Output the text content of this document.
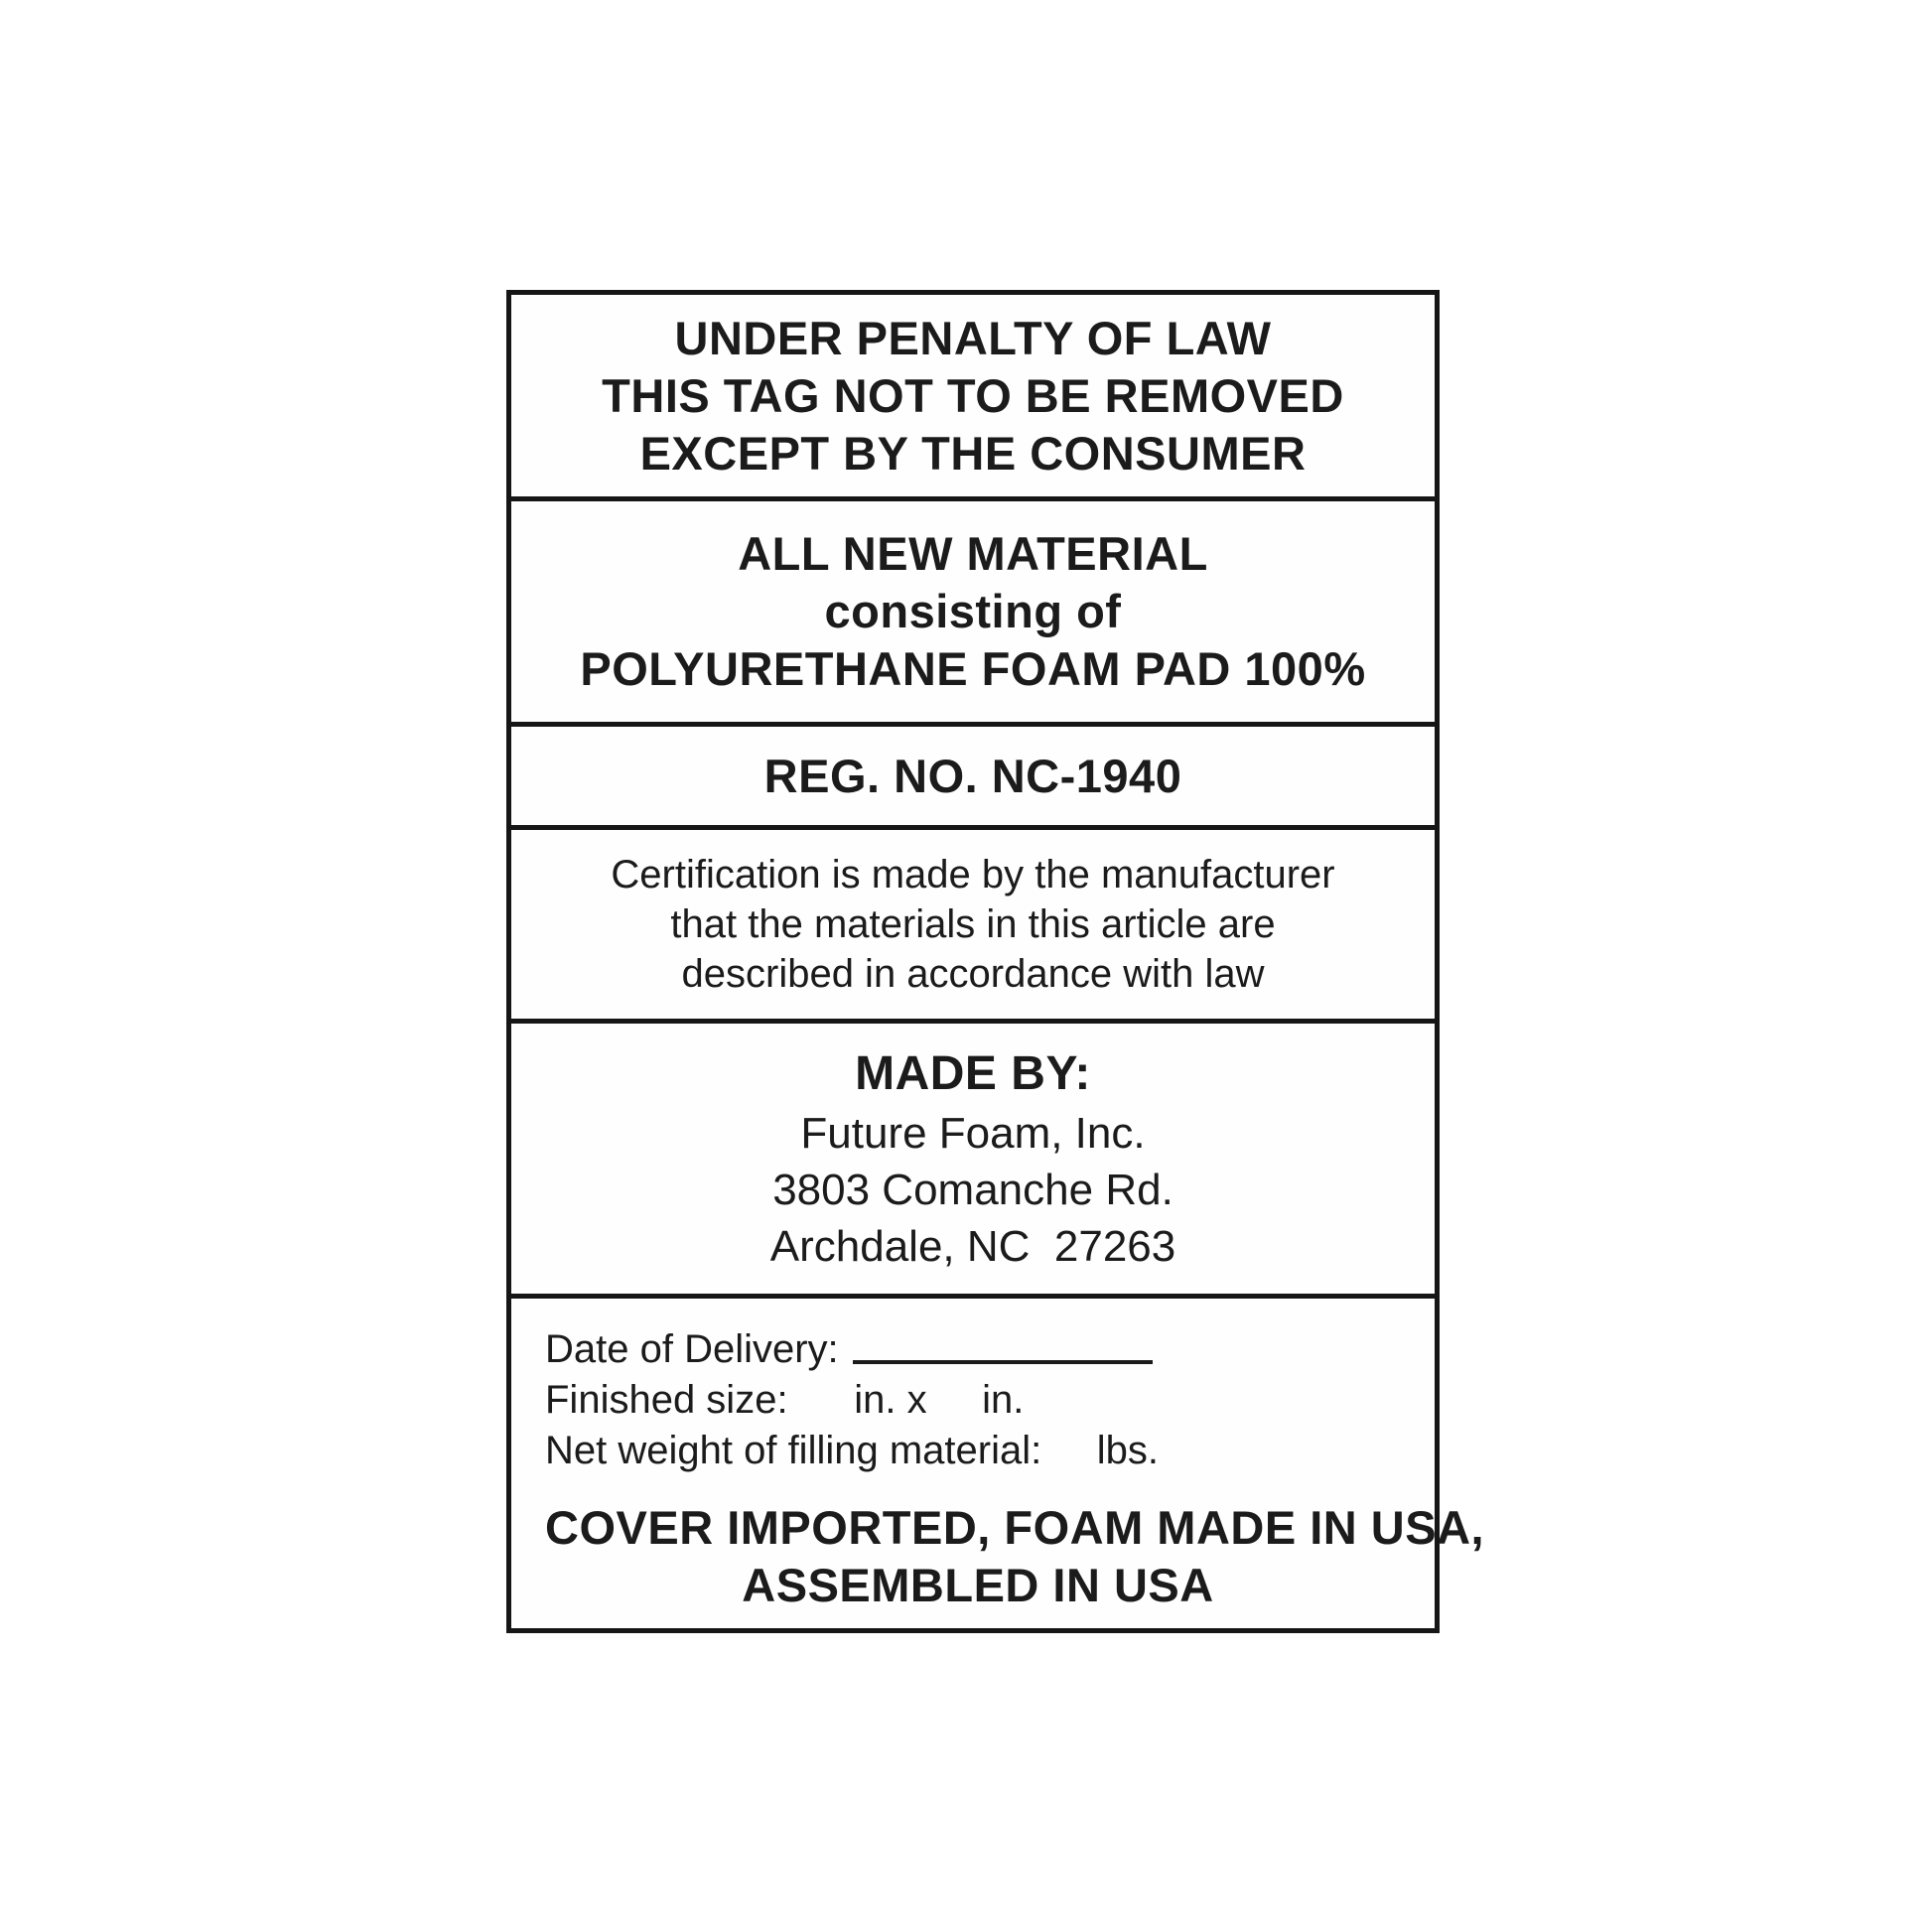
UNDER PENALTY OF LAW
THIS TAG NOT TO BE REMOVED
EXCEPT BY THE CONSUMER
ALL NEW MATERIAL
consisting of
POLYURETHANE FOAM PAD 100%
REG. NO. NC-1940
Certification is made by the manufacturer
that the materials in this article are
described in accordance with law
MADE BY:
Future Foam, Inc.
3803 Comanche Rd.
Archdale, NC  27263
Date of Delivery:
Finished size:      in. x     in.
Net weight of filling material:     lbs.
COVER IMPORTED, FOAM MADE IN USA,
ASSEMBLED IN USA
